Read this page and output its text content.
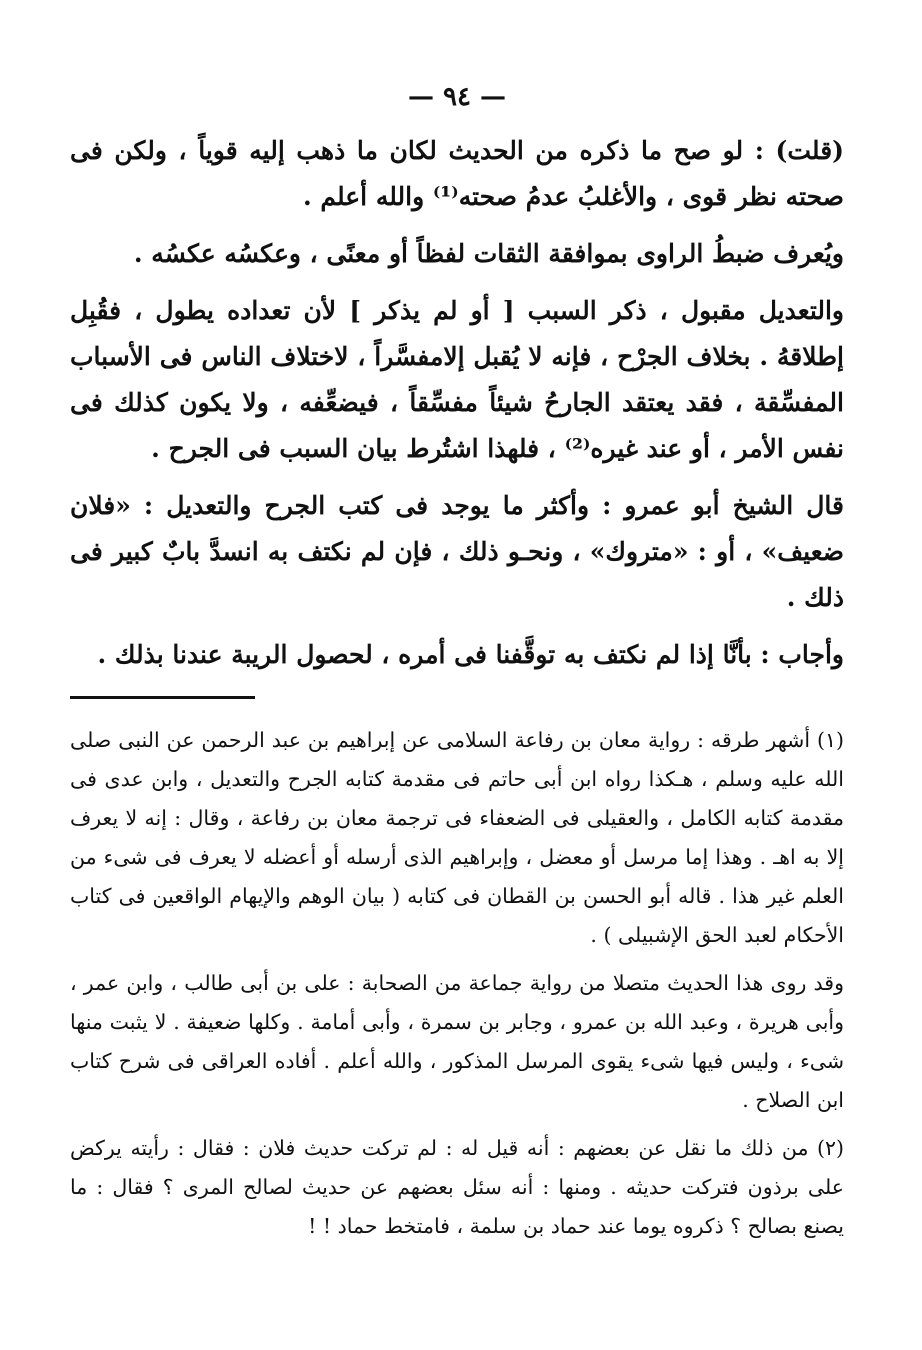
— ٩٤ —

(قلت) : لو صح ما ذكره من الحديث لكان ما ذهب إليه قوياً ، ولكن فى صحته نظر قوى ، والأغلبُ عدمُ صحته⁽¹⁾ والله أعلم .

ويُعرف ضبطُ الراوى بموافقة الثقات لفظاً أو معنًى ، وعكسُه عكسُه .

والتعديل مقبول ، ذكر السبب [ أو لم يذكر ] لأن تعداده يطول ، فقُبِل إطلاقهُ . بخلاف الجرْح ، فإنه لا يُقبل إلامفسَّراً ، لاختلاف الناس فى الأسباب المفسِّقة ، فقد يعتقد الجارحُ شيئاً مفسِّقاً ، فيضعِّفه ، ولا يكون كذلك فى نفس الأمر ، أو عند غيره⁽²⁾ ، فلهذا اشتُرط بيان السبب فى الجرح .

قال الشيخ أبو عمرو : وأكثر ما يوجد فى كتب الجرح والتعديل : «فلان ضعيف» ، أو : «متروك» ، ونحـو ذلك ، فإن لم نكتف به انسدَّ بابٌ كبير فى ذلك .

وأجاب : بأنَّا إذا لم نكتف به توقَّفنا فى أمره ، لحصول الريبة عندنا بذلك .

(١) أشهر طرقه : رواية معان بن رفاعة السلامى عن إبراهيم بن عبد الرحمن عن النبى صلى الله عليه وسلم ، هـكذا رواه ابن أبى حاتم فى مقدمة كتابه الجرح والتعديل ، وابن عدى فى مقدمة كتابه الكامل ، والعقيلى فى الضعفاء فى ترجمة معان بن رفاعة ، وقال : إنه لا يعرف إلا به اهـ . وهذا إما مرسل أو معضل ، وإبراهيم الذى أرسله أو أعضله لا يعرف فى شىء من العلم غير هذا . قاله أبو الحسن بن القطان فى كتابه ( بيان الوهم والإيهام الواقعين فى كتاب الأحكام لعبد الحق الإشبيلى ) .

وقد روى هذا الحديث متصلا من رواية جماعة من الصحابة : على بن أبى طالب ، وابن عمر ، وأبى هريرة ، وعبد الله بن عمرو ، وجابر بن سمرة ، وأبى أمامة . وكلها ضعيفة . لا يثبت منها شىء ، وليس فيها شىء يقوى المرسل المذكور ، والله أعلم . أفاده العراقى فى شرح كتاب ابن الصلاح .

(٢) من ذلك ما نقل عن بعضهم : أنه قيل له : لم تركت حديث فلان : فقال : رأيته يركض على برذون فتركت حديثه . ومنها : أنه سئل بعضهم عن حديث لصالح المرى ؟ فقال : ما يصنع بصالح ؟ ذكروه يوما عند حماد بن سلمة ، فامتخط حماد ! !
